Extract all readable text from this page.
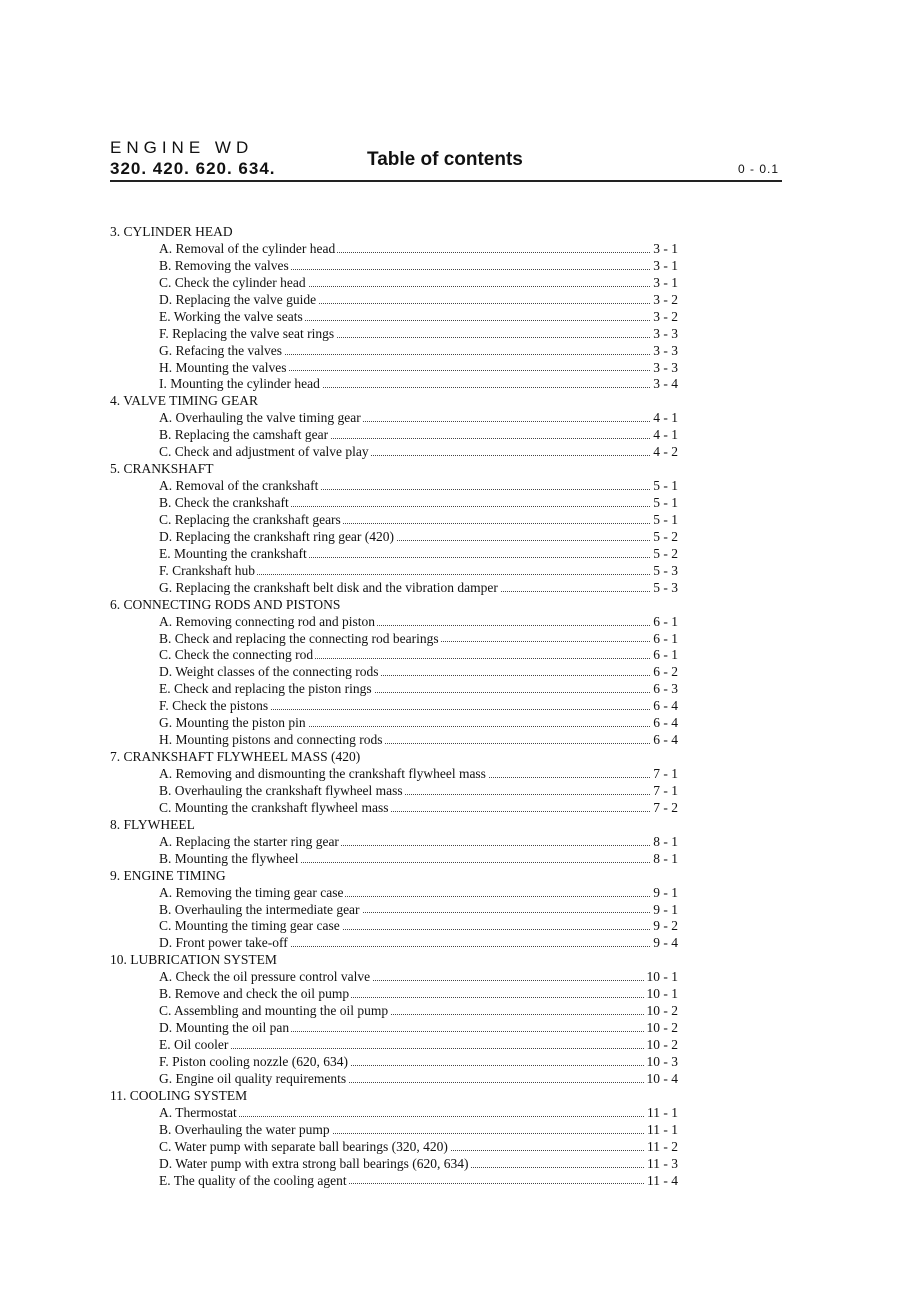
ENGINE WD
320. 420. 620. 634.	Table of contents	0 - 0.1
3. CYLINDER HEAD
A. Removal of the cylinder head	3 - 1
B. Removing the valves	3 - 1
C. Check the cylinder head	3 - 1
D. Replacing the valve guide	3 - 2
E. Working the valve seats	3 - 2
F. Replacing the valve seat rings	3 - 3
G. Refacing the valves	3 - 3
H. Mounting the valves	3 - 3
I. Mounting the cylinder head	3 - 4
4. VALVE TIMING GEAR
A. Overhauling the valve timing gear	4 - 1
B. Replacing the camshaft gear	4 - 1
C. Check and adjustment of valve play	4 - 2
5. CRANKSHAFT
A. Removal of the crankshaft	5 - 1
B. Check the crankshaft	5 - 1
C. Replacing the crankshaft gears	5 - 1
D. Replacing the crankshaft ring gear (420)	5 - 2
E. Mounting the crankshaft	5 - 2
F. Crankshaft hub	5 - 3
G. Replacing the crankshaft belt disk and the vibration damper	5 - 3
6. CONNECTING RODS AND PISTONS
A. Removing connecting rod and piston	6 - 1
B. Check and replacing the connecting rod bearings	6 - 1
C. Check the connecting rod	6 - 1
D. Weight classes of the connecting rods	6 - 2
E. Check and replacing the piston rings	6 - 3
F. Check the pistons	6 - 4
G. Mounting the piston pin	6 - 4
H. Mounting pistons and connecting rods	6 - 4
7. CRANKSHAFT FLYWHEEL MASS (420)
A. Removing and dismounting the crankshaft flywheel mass	7 - 1
B. Overhauling the crankshaft flywheel mass	7 - 1
C. Mounting the crankshaft flywheel mass	7 - 2
8. FLYWHEEL
A. Replacing the starter ring gear	8 - 1
B. Mounting the flywheel	8 - 1
9. ENGINE TIMING
A. Removing the timing gear case	9 - 1
B. Overhauling the intermediate gear	9 - 1
C. Mounting the timing gear case	9 - 2
D. Front power take-off	9 - 4
10. LUBRICATION SYSTEM
A. Check the oil pressure control valve	10 - 1
B. Remove and check the oil pump	10 - 1
C. Assembling and mounting the oil pump	10 - 2
D. Mounting the oil pan	10 - 2
E. Oil cooler	10 - 2
F. Piston cooling nozzle (620, 634)	10 - 3
G. Engine oil quality requirements	10 - 4
11. COOLING SYSTEM
A. Thermostat	11 - 1
B. Overhauling the water pump	11 - 1
C. Water pump with separate ball bearings (320, 420)	11 - 2
D. Water pump with extra strong ball bearings (620, 634)	11 - 3
E. The quality of the cooling agent	11 - 4
